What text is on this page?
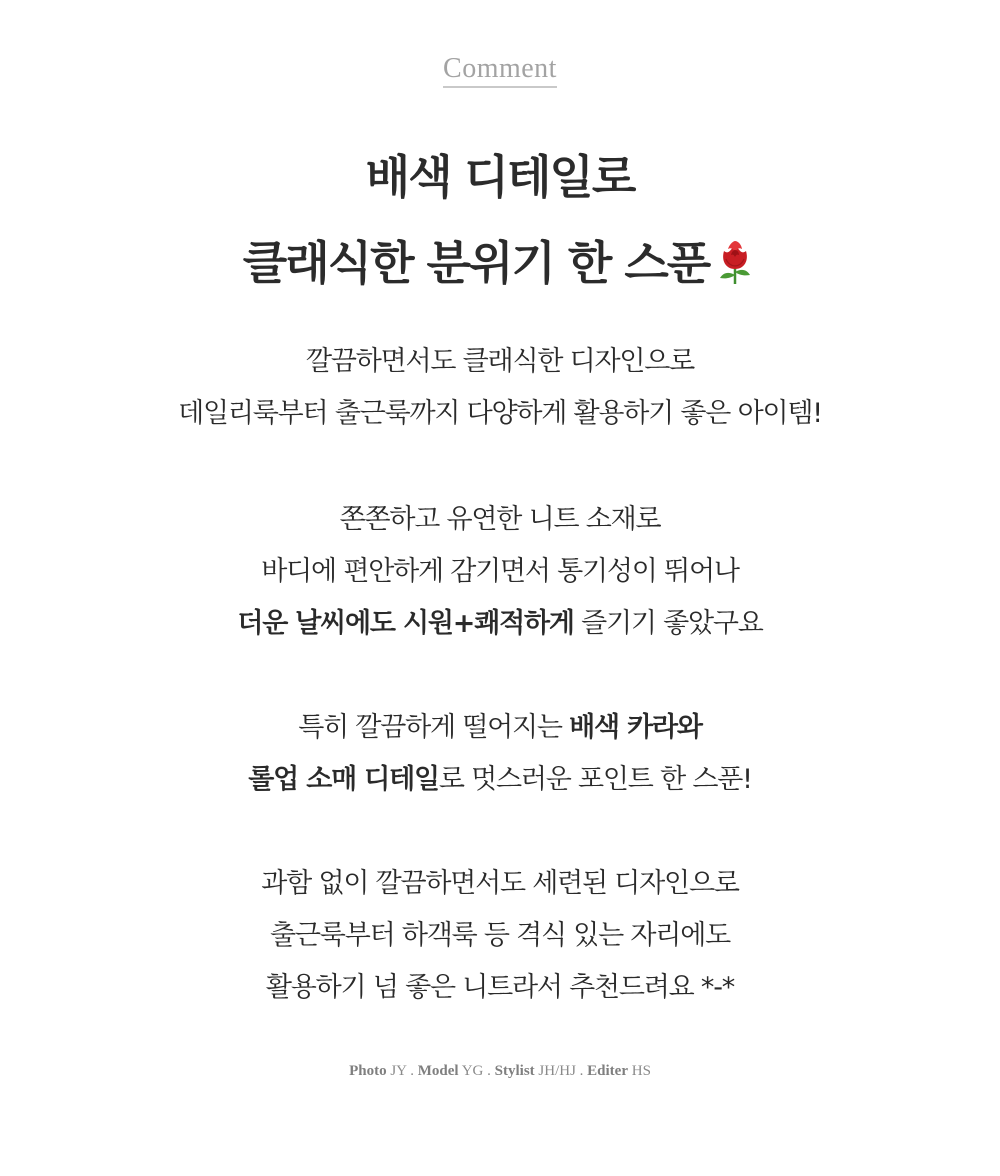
Comment
배색 디테일로
클래식한 분위기 한 스푼
깔끔하면서도 클래식한 디자인으로
데일리룩부터 출근룩까지 다양하게 활용하기 좋은 아이템!
쫀쫀하고 유연한 니트 소재로
바디에 편안하게 감기면서 통기성이 뛰어나
더운 날씨에도 시원+쾌적하게 즐기기 좋았구요
특히 깔끔하게 떨어지는 배색 카라와
롤업 소매 디테일로 멋스러운 포인트 한 스푼!
과함 없이 깔끔하면서도 세련된 디자인으로
출근룩부터 하객룩 등 격식 있는 자리에도
활용하기 넘 좋은 니트라서 추천드려요 *-*
Photo JY . Model YG . Stylist JH/HJ . Editer HS
